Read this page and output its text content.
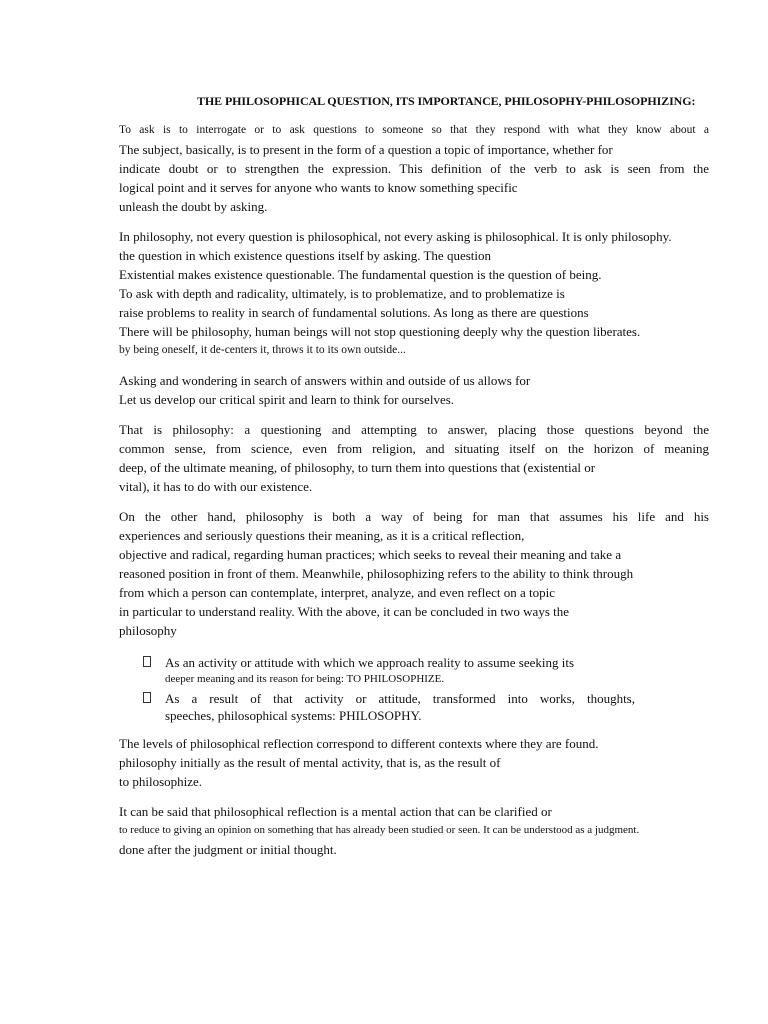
THE PHILOSOPHICAL QUESTION, ITS IMPORTANCE, PHILOSOPHY-PHILOSOPHIZING:

To ask is to interrogate or to ask questions to someone so that they respond with what they know about a
The subject, basically, is to present in the form of a question a topic of importance, whether for
indicate doubt or to strengthen the expression. This definition of the verb to ask is seen from the
logical point and it serves for anyone who wants to know something specific
unleash the doubt by asking.

In philosophy, not every question is philosophical, not every asking is philosophical. It is only philosophy.
the question in which existence questions itself by asking. The question
Existential makes existence questionable. The fundamental question is the question of being.
To ask with depth and radicality, ultimately, is to problematize, and to problematize is
raise problems to reality in search of fundamental solutions. As long as there are questions
There will be philosophy, human beings will not stop questioning deeply why the question liberates.
by being oneself, it de-centers it, throws it to its own outside...

Asking and wondering in search of answers within and outside of us allows for
Let us develop our critical spirit and learn to think for ourselves.

That is philosophy: a questioning and attempting to answer, placing those questions beyond the
common sense, from science, even from religion, and situating itself on the horizon of meaning
deep, of the ultimate meaning, of philosophy, to turn them into questions that (existential or
vital), it has to do with our existence.

On the other hand, philosophy is both a way of being for man that assumes his life and his
experiences and seriously questions their meaning, as it is a critical reflection,
objective and radical, regarding human practices; which seeks to reveal their meaning and take a
reasoned position in front of them. Meanwhile, philosophizing refers to the ability to think through
from which a person can contemplate, interpret, analyze, and even reflect on a topic
in particular to understand reality. With the above, it can be concluded in two ways the
philosophy

As an activity or attitude with which we approach reality to assume seeking its
deeper meaning and its reason for being: TO PHILOSOPHIZE.
As a result of that activity or attitude, transformed into works, thoughts,
speeches, philosophical systems: PHILOSOPHY.

The levels of philosophical reflection correspond to different contexts where they are found.
philosophy initially as the result of mental activity, that is, as the result of
to philosophize.

It can be said that philosophical reflection is a mental action that can be clarified or
to reduce to giving an opinion on something that has already been studied or seen. It can be understood as a judgment.
done after the judgment or initial thought.
